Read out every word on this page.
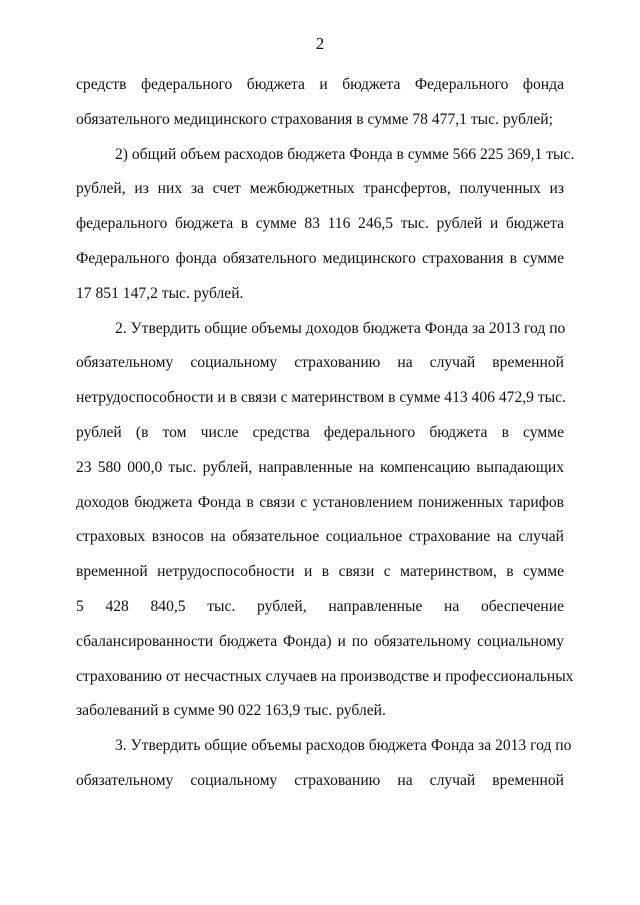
2
средств федерального бюджета и бюджета Федерального фонда
обязательного медицинского страхования в сумме 78 477,1 тыс. рублей;
2) общий объем расходов бюджета Фонда в сумме 566 225 369,1 тыс.
рублей, из них за счет межбюджетных трансфертов, полученных из
федерального бюджета в сумме 83 116 246,5 тыс. рублей и бюджета
Федерального фонда обязательного медицинского страхования в сумме
17 851 147,2 тыс. рублей.
2. Утвердить общие объемы доходов бюджета Фонда за 2013 год по
обязательному социальному страхованию на случай временной
нетрудоспособности и в связи с материнством в сумме 413 406 472,9 тыс.
рублей (в том числе средства федерального бюджета в сумме
23 580 000,0 тыс. рублей, направленные на компенсацию выпадающих
доходов бюджета Фонда в связи с установлением пониженных тарифов
страховых взносов на обязательное социальное страхование на случай
временной нетрудоспособности и в связи с материнством, в сумме
5 428 840,5 тыс. рублей, направленные на обеспечение
сбалансированности бюджета Фонда) и по обязательному социальному
страхованию от несчастных случаев на производстве и профессиональных
заболеваний в сумме 90 022 163,9 тыс. рублей.
3. Утвердить общие объемы расходов бюджета Фонда за 2013 год по
обязательному социальному страхованию на случай временной
